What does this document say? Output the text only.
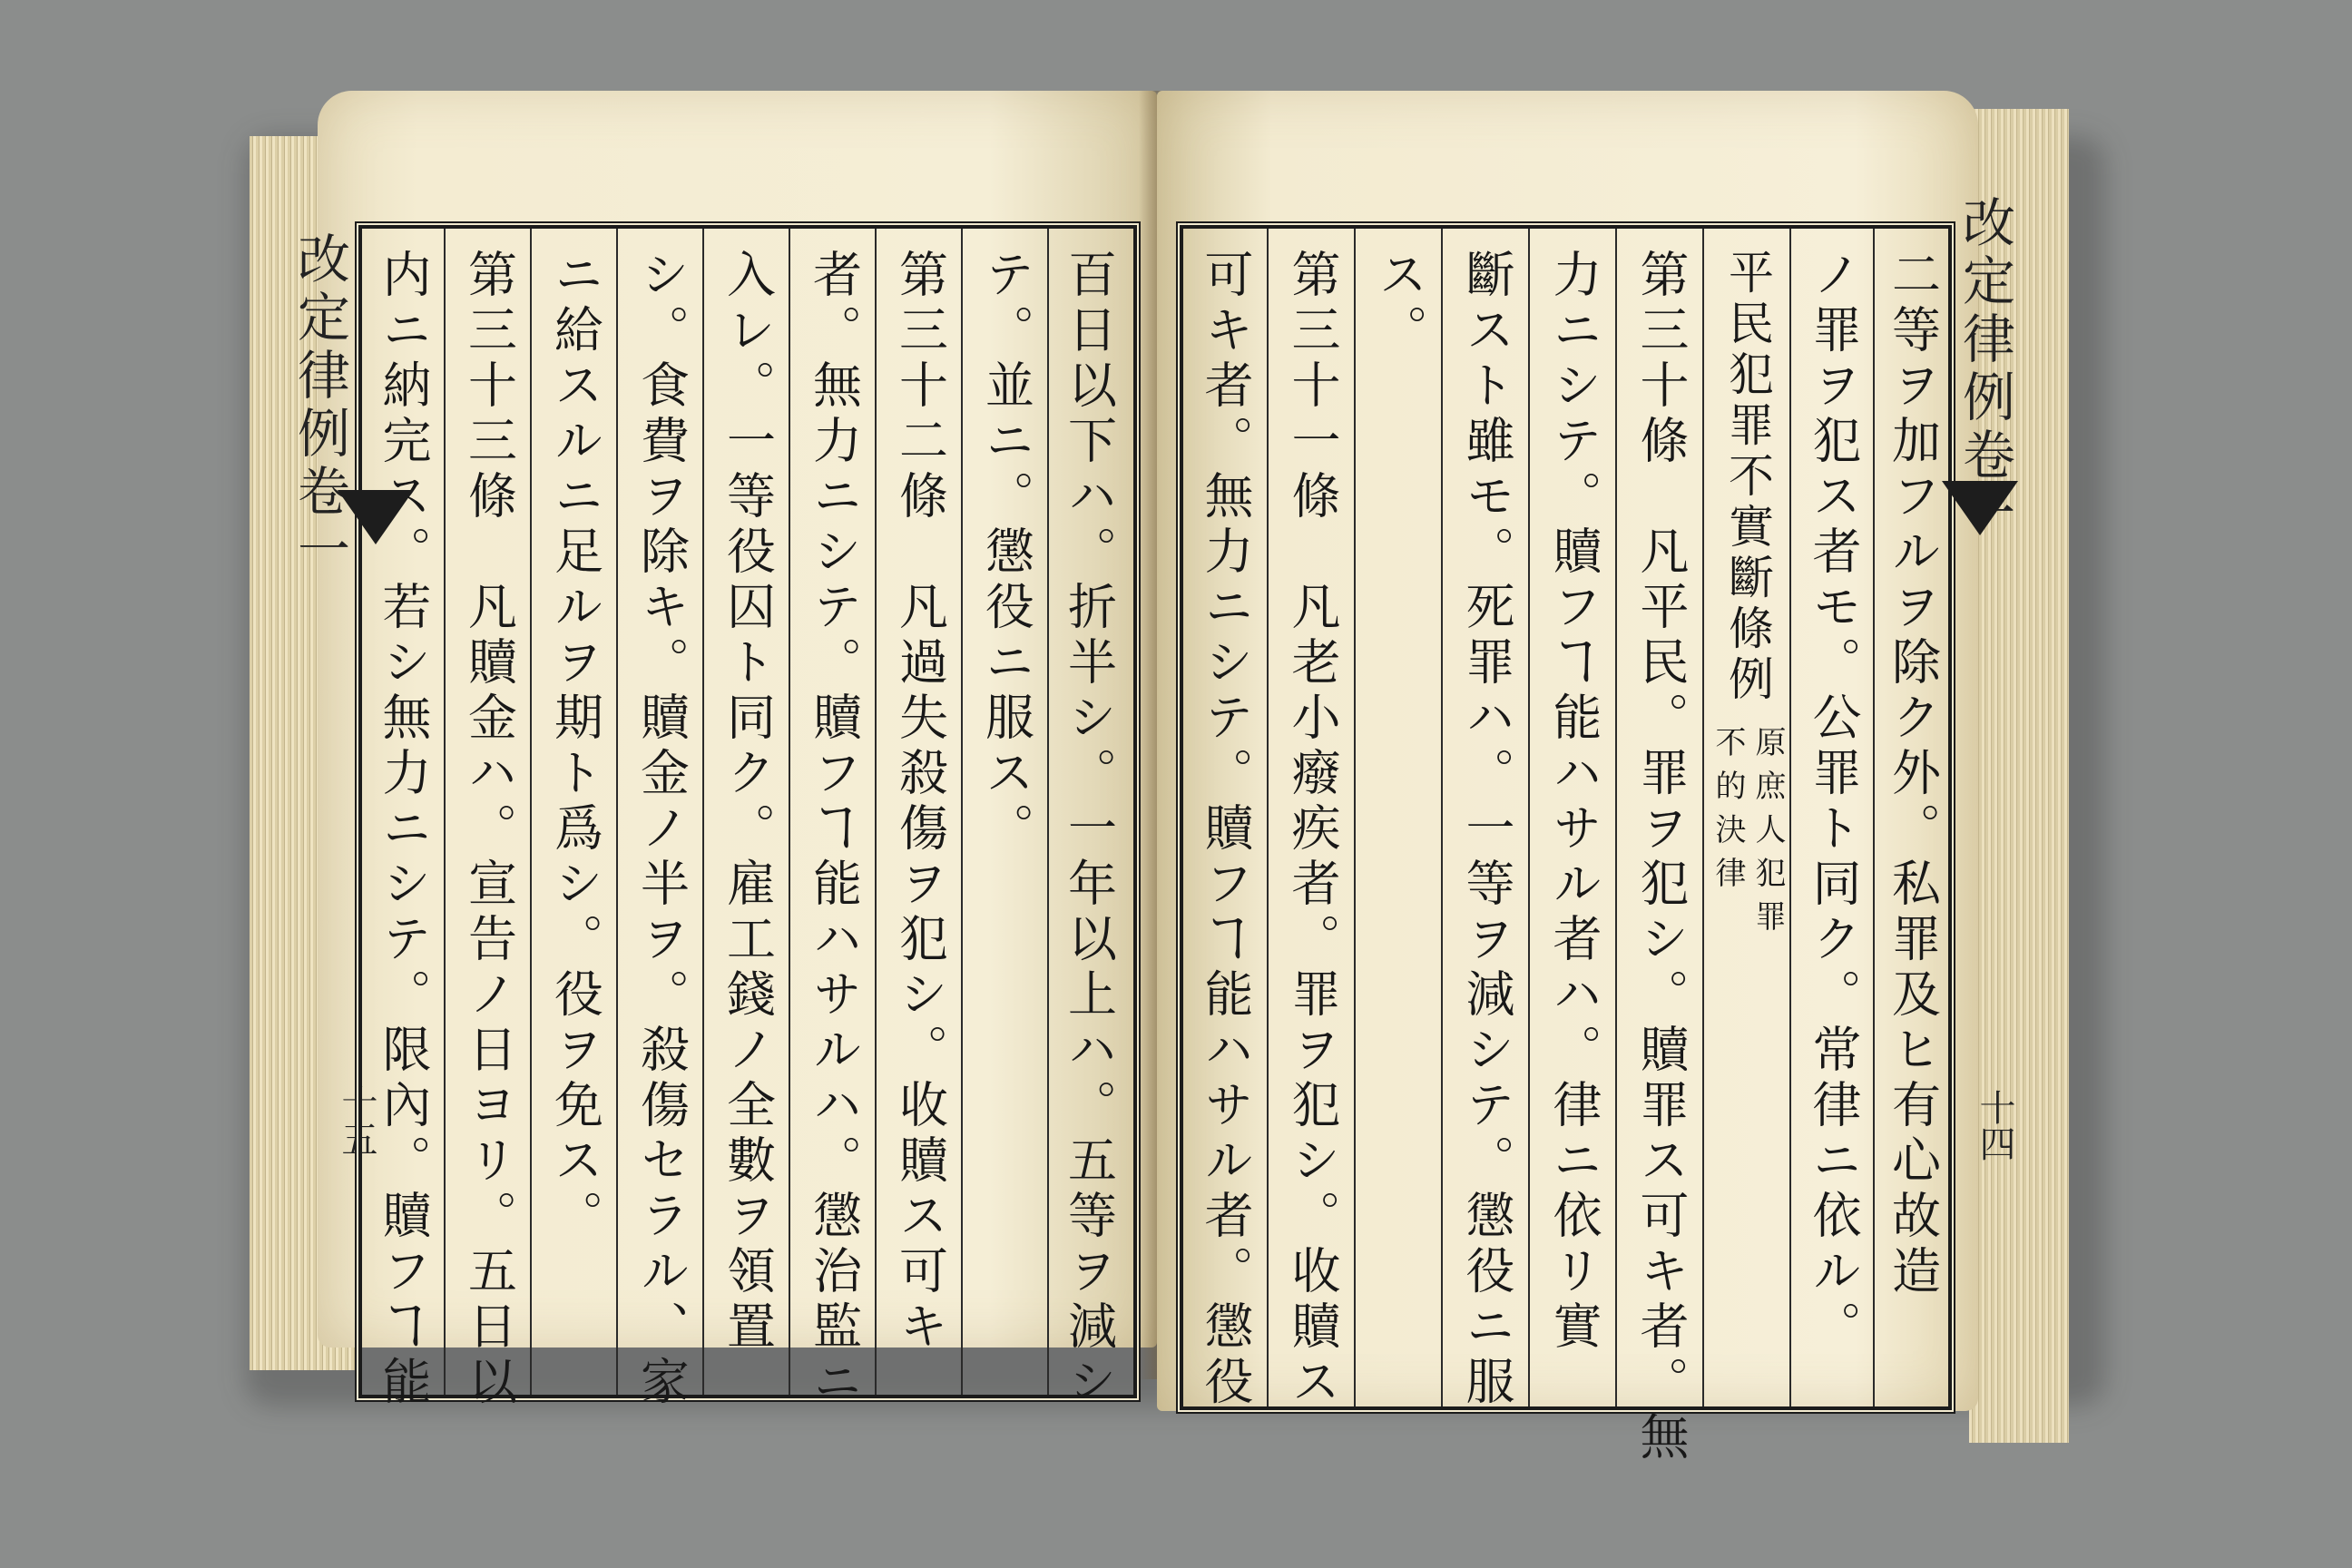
改定律例卷一
十五
内ニ納完ス。若シ無力ニシテ。限內。贖フヿ能 第三十三條　凡贖金ハ。宣告ノ日ヨリ。五日以 ニ給スルニ足ルヲ期ト爲シ。役ヲ免ス。 シ。食費ヲ除キ。贖金ノ半ヲ。殺傷セラル、家 入レ。一等役囚ト同ク。雇工錢ノ全數ヲ領置 者。無力ニシテ。贖フヿ能ハサルハ。懲治監ニ 第三十二條　凡過失殺傷ヲ犯シ。收贖ス可キ テ。並ニ。懲役ニ服ス。 百日以下ハ。折半シ。一年以上ハ。五等ヲ減シ	改定律例卷一
十四
可キ者。無力ニシテ。贖フヿ能ハサル者。懲役 第三十一條　凡老小癈疾者。罪ヲ犯シ。收贖ス ス。 斷スト雖モ。死罪ハ。一等ヲ減シテ。懲役ニ服 力ニシテ。贖フヿ能ハサル者ハ。律ニ依リ實 第三十條　凡平民。罪ヲ犯シ。贖罪ス可キ者。無 平民犯罪不實斷條例
原庶人犯罪
不的決律 ノ罪ヲ犯ス者モ。公罪ト同ク。常律ニ依ル。 二等ヲ加フルヲ除ク外。私罪及ヒ有心故造
